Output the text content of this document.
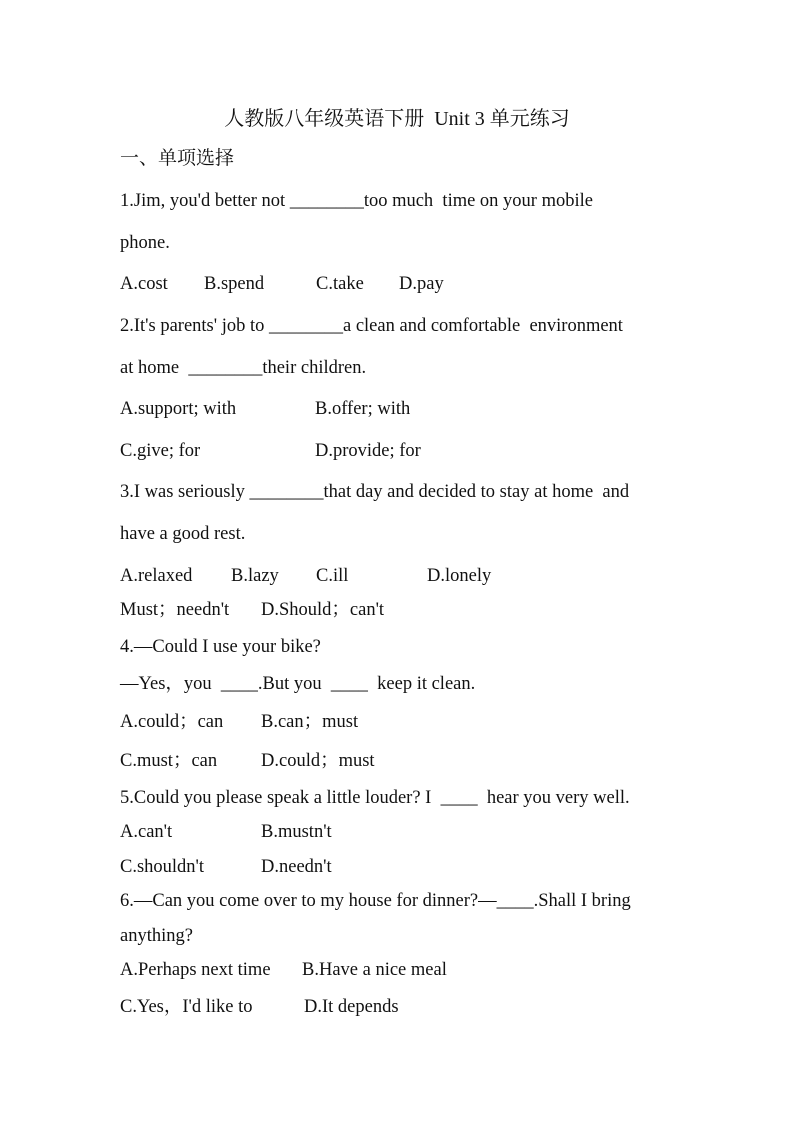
人教版八年级英语下册  Unit 3 单元练习
一、单项选择
1.Jim, you'd better not ________too much  time on your mobile
phone.
A.cost B.spend	C.take D.pay
2.It's parents' job to ________a clean and comfortable  environment
at home  ________their children.
A.support; with	B.offer; with
C.give; for	D.provide; for
3.I was seriously ________that day and decided to stay at home  and
have a good rest.
A.relaxed B.lazy C.ill	D.lonely
Must；needn't D.Should；can't
4.—Could I use your bike?
—Yes，you  ____.But you  ____  keep it clean.
A.could；can B.can；must
C.must；can D.could；must
5.Could you please speak a little louder? I  ____  hear you very well.
A.can't	B.mustn't
C.shouldn't	D.needn't
6.—Can you come over to my house for dinner?—____.Shall I bring
anything?
A.Perhaps next time B.Have a nice meal
C.Yes，I'd like to	D.It depends
